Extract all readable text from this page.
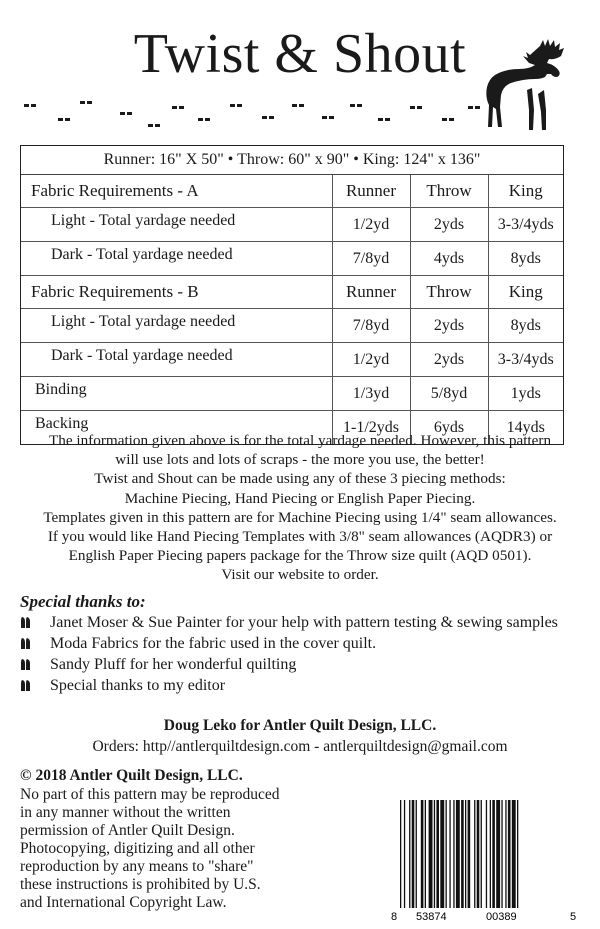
Twist & Shout
Runner: 16" X 50" • Throw: 60" x 90" • King: 124" x 136"
Fabric Requirements - A	Runner	Throw	King
Light - Total yardage needed	1/2yd	2yds	3-3/4yds
Dark - Total yardage needed	7/8yd	4yds	8yds
Fabric Requirements - B	Runner	Throw	King
Light - Total yardage needed	7/8yd	2yds	8yds
Dark - Total yardage needed	1/2yd	2yds	3-3/4yds
Binding	1/3yd	5/8yd	1yds
Backing	1-1/2yds	6yds	14yds
The information given above is for the total yardage needed. However, this pattern
will use lots and lots of scraps - the more you use, the better!
Twist and Shout can be made using any of these 3 piecing methods:
Machine Piecing, Hand Piecing or English Paper Piecing.
Templates given in this pattern are for Machine Piecing using 1/4" seam allowances.
If you would like Hand Piecing Templates with 3/8" seam allowances (AQDR3) or
English Paper Piecing papers package for the Throw size quilt (AQD 0501).
Visit our website to order.
Special thanks to:
Janet Moser & Sue Painter for your help with pattern testing & sewing samples
Moda Fabrics for the fabric used in the cover quilt.
Sandy Pluff for her wonderful quilting
Special thanks to my editor
Doug Leko for Antler Quilt Design, LLC.
Orders: http//antlerquiltdesign.com - antlerquiltdesign@gmail.com
© 2018 Antler Quilt Design, LLC.
No part of this pattern may be reproduced
in any manner without the written
permission of Antler Quilt Design.
Photocopying, digitizing and all other
reproduction by any means to "share"
these instructions is prohibited by U.S.
and International Copyright Law.
8 53874	00389	5
